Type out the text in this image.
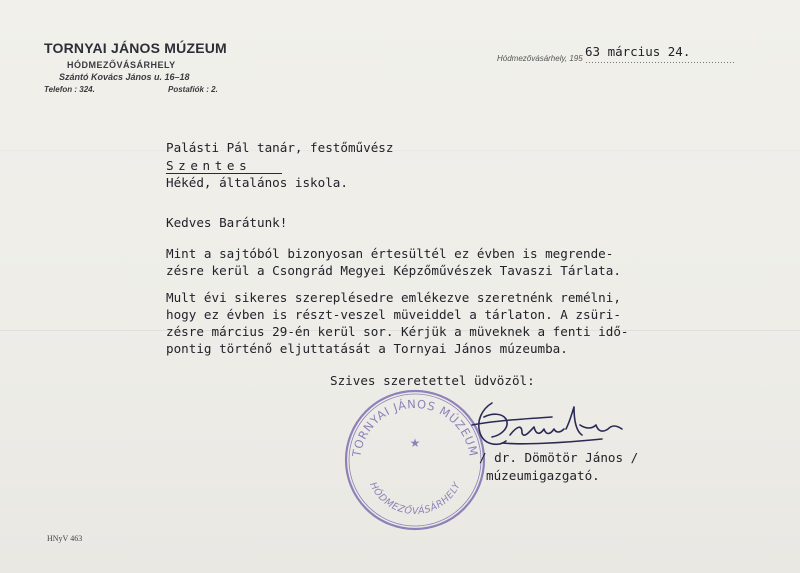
TORNYAI JÁNOS MÚZEUM
HÓDMEZŐVÁSÁRHELY
Szántó Kovács János u. 16–18
Telefon : 324.	Postafiók : 2.
Hódmezővásárhely, 195 63 március 24.
Palásti Pál tanár, festőművész
Szentes
Hékéd, általános iskola.
Kedves Barátunk!
Mint a sajtóból bizonyosan értesültél ez évben is megrende-
zésre kerül a Csongrád Megyei Képzőművészek Tavaszi Tárlata.
Mult évi sikeres szereplésedre emlékezve szeretnénk remélni,
hogy ez évben is részt-veszel müveiddel a tárlaton. A zsüri-
zésre március 29-én kerül sor. Kérjük a müveknek a fenti idő-
pontig történő eljuttatását a Tornyai János múzeumba.
Szives szeretettel üdvözöl:
TORNYAI JÁNOS MÚZEUM
HÓDMEZŐVÁSÁRHELY
★
/ dr. Dömötör János /
múzeumigazgató.
HNyV 463
